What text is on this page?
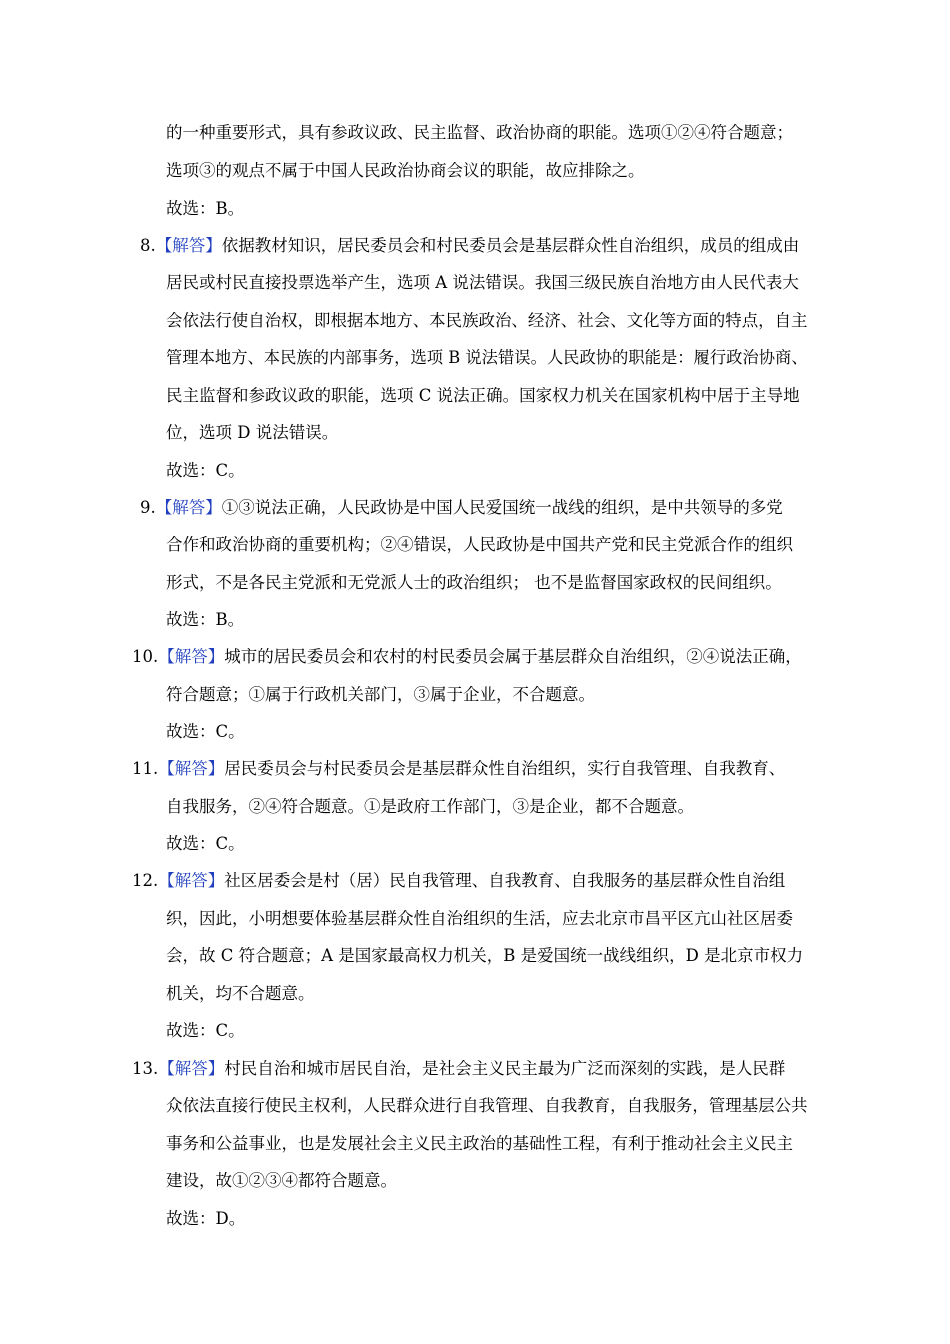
的一种重要形式，具有参政议政、民主监督、政治协商的职能。选项①②④符合题意；
选项③的观点不属于中国人民政治协商会议的职能，故应排除之。
故选：B。
8.【解答】依据教材知识，居民委员会和村民委员会是基层群众性自治组织，成员的组成由
居民或村民直接投票选举产生，选项 A 说法错误。我国三级民族自治地方由人民代表大
会依法行使自治权，即根据本地方、本民族政治、经济、社会、文化等方面的特点，自主
管理本地方、本民族的内部事务，选项 B 说法错误。人民政协的职能是：履行政治协商、
民主监督和参政议政的职能，选项 C 说法正确。国家权力机关在国家机构中居于主导地
位，选项 D 说法错误。
故选：C。
9.【解答】①③说法正确，人民政协是中国人民爱国统一战线的组织，是中共领导的多党
合作和政治协商的重要机构；②④错误，人民政协是中国共产党和民主党派合作的组织
形式，不是各民主党派和无党派人士的政治组织； 也不是监督国家政权的民间组织。
故选：B。
10.【解答】城市的居民委员会和农村的村民委员会属于基层群众自治组织，②④说法正确，
符合题意；①属于行政机关部门，③属于企业，不合题意。
故选：C。
11.【解答】居民委员会与村民委员会是基层群众性自治组织，实行自我管理、自我教育、
自我服务，②④符合题意。①是政府工作部门，③是企业，都不合题意。
故选：C。
12.【解答】社区居委会是村（居）民自我管理、自我教育、自我服务的基层群众性自治组
织，因此，小明想要体验基层群众性自治组织的生活，应去北京市昌平区亢山社区居委
会，故 C 符合题意；A 是国家最高权力机关，B 是爱国统一战线组织，D 是北京市权力
机关，均不合题意。
故选：C。
13.【解答】村民自治和城市居民自治，是社会主义民主最为广泛而深刻的实践，是人民群
众依法直接行使民主权利，人民群众进行自我管理、自我教育，自我服务，管理基层公共
事务和公益事业，也是发展社会主义民主政治的基础性工程，有利于推动社会主义民主
建设，故①②③④都符合题意。
故选：D。
